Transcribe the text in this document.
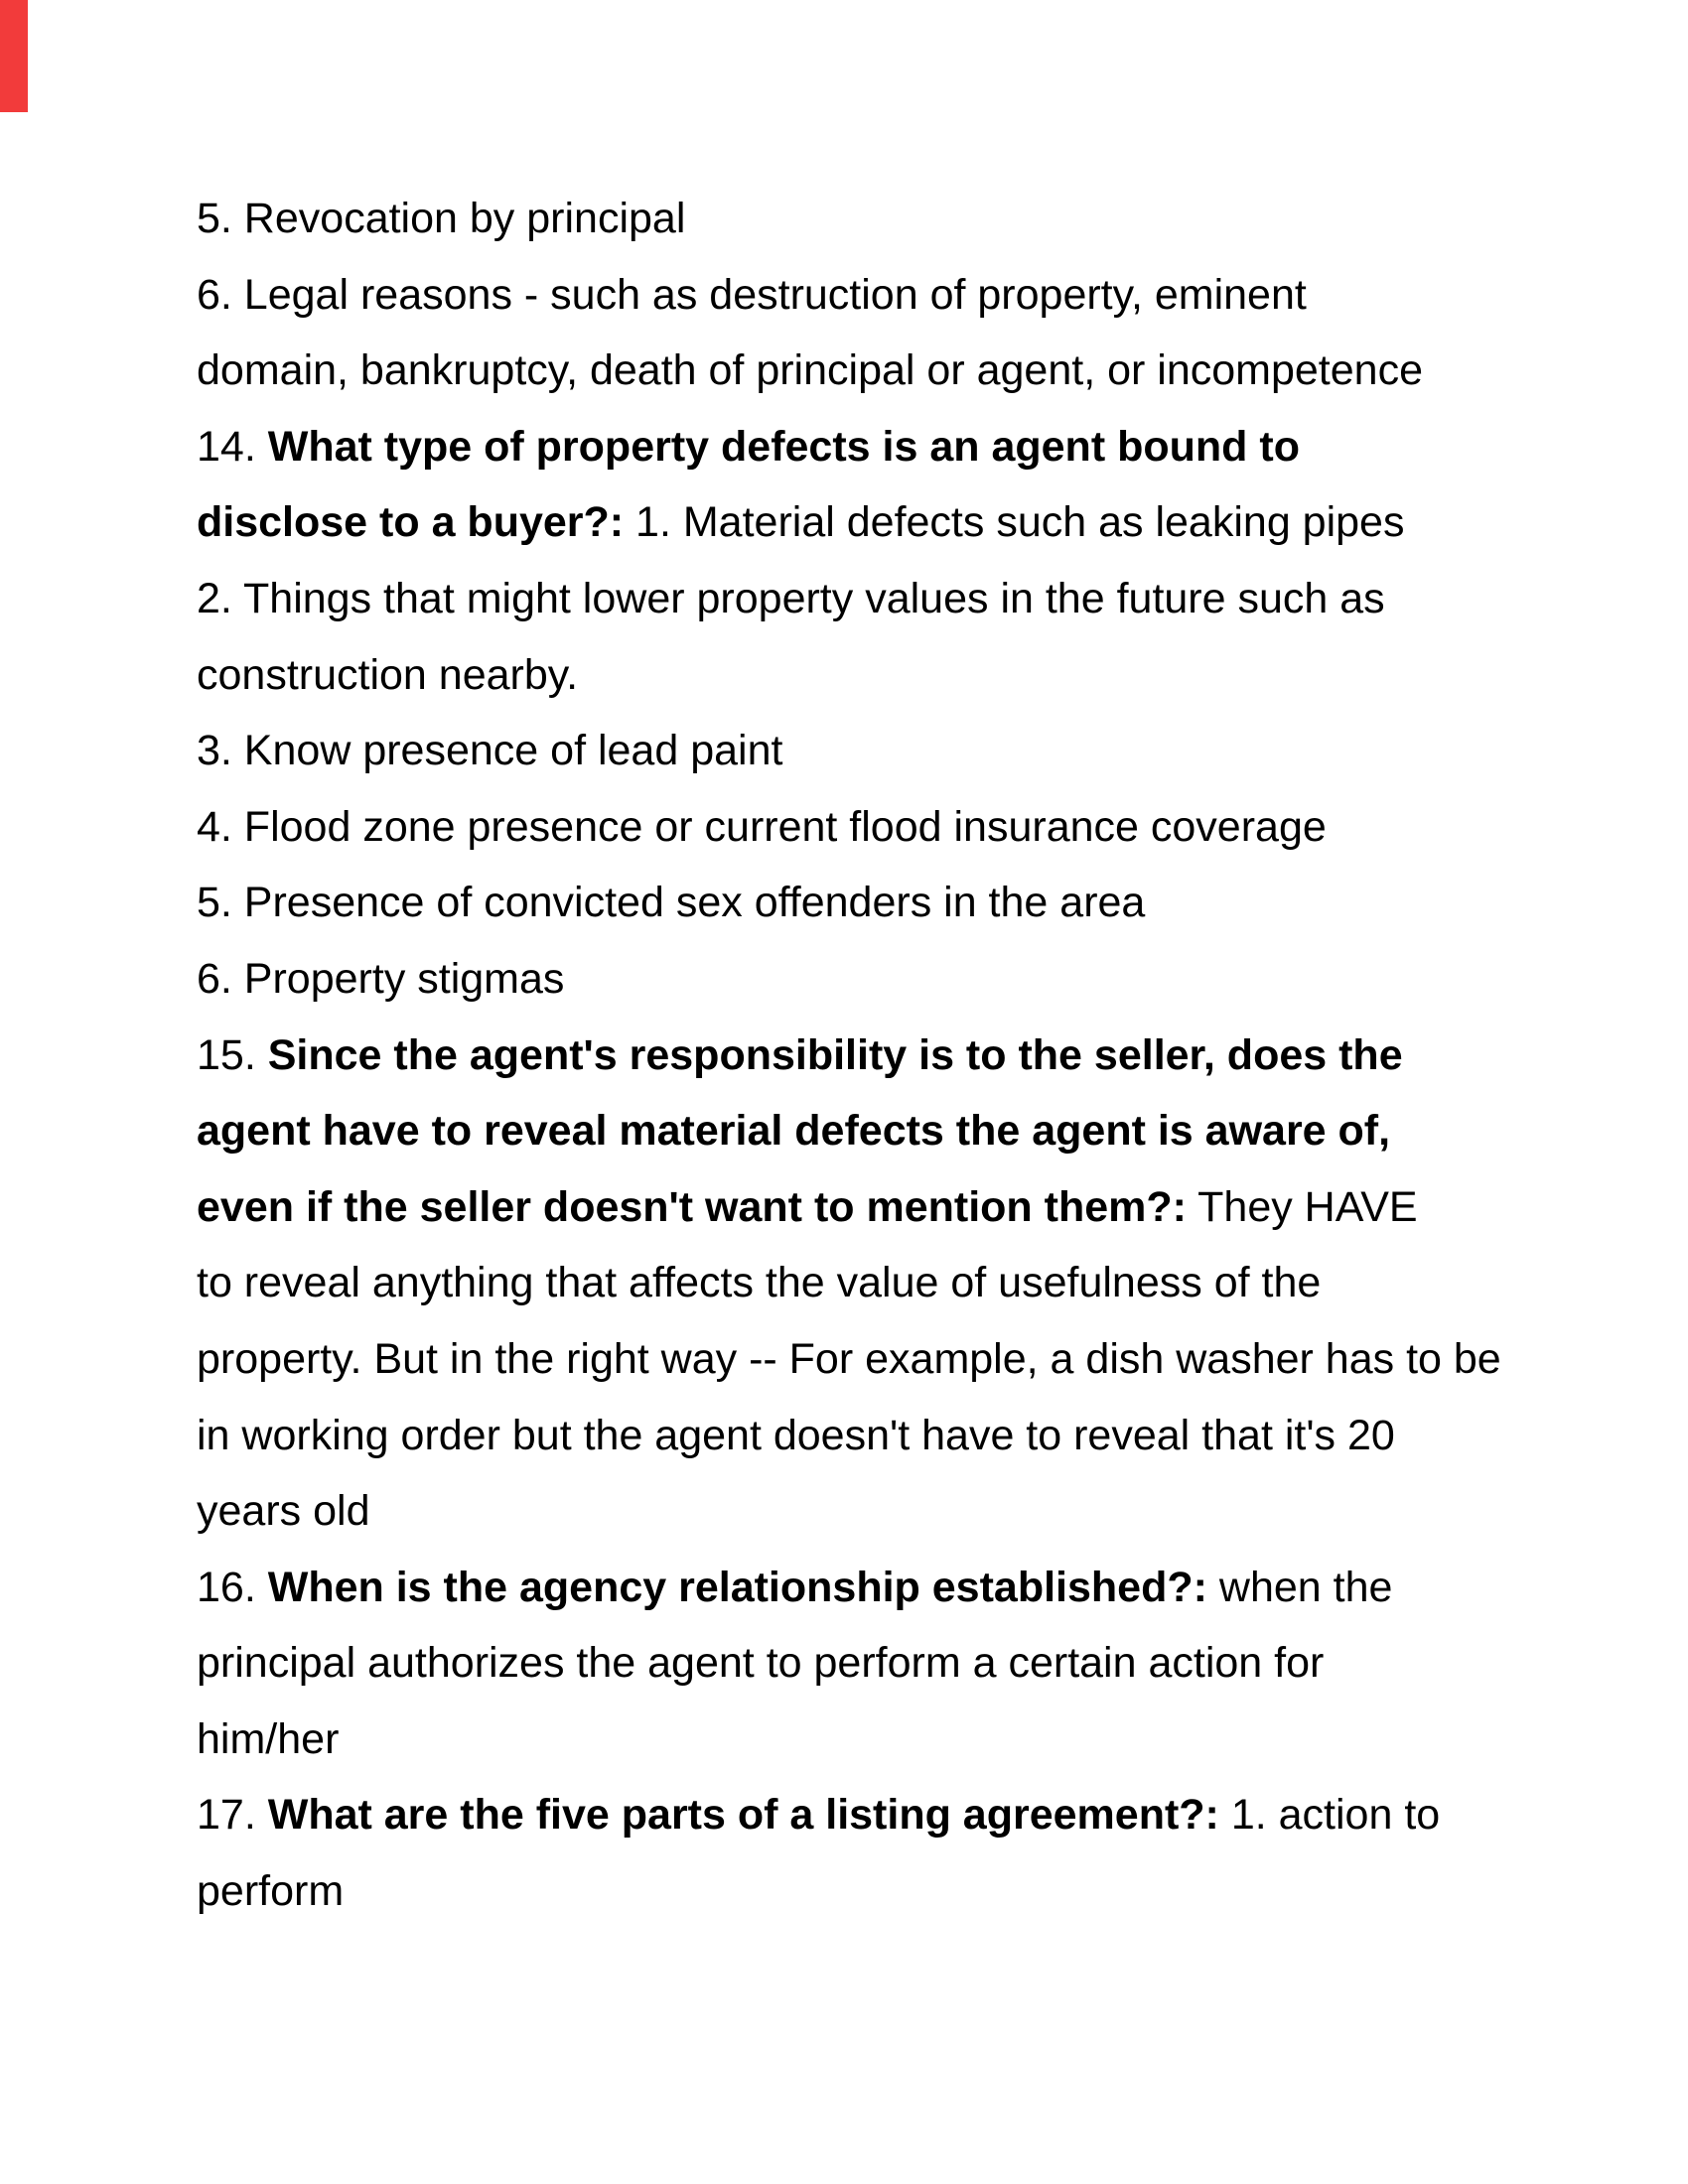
5. Revocation by principal
6. Legal reasons - such as destruction of property, eminent
domain, bankruptcy, death of principal or agent, or incompetence
14. What type of property defects is an agent bound to
disclose to a buyer?: 1. Material defects such as leaking pipes
2. Things that might lower property values in the future such as
construction nearby.
3. Know presence of lead paint
4. Flood zone presence or current flood insurance coverage
5. Presence of convicted sex offenders in the area
6. Property stigmas
15. Since the agent's responsibility is to the seller, does the
agent have to reveal material defects the agent is aware of,
even if the seller doesn't want to mention them?: They HAVE
to reveal anything that affects the value of usefulness of the
property. But in the right way -- For example, a dish washer has to be
in working order but the agent doesn't have to reveal that it's 20
years old
16. When is the agency relationship established?: when the
principal authorizes the agent to perform a certain action for
him/her
17. What are the five parts of a listing agreement?: 1. action to
perform
